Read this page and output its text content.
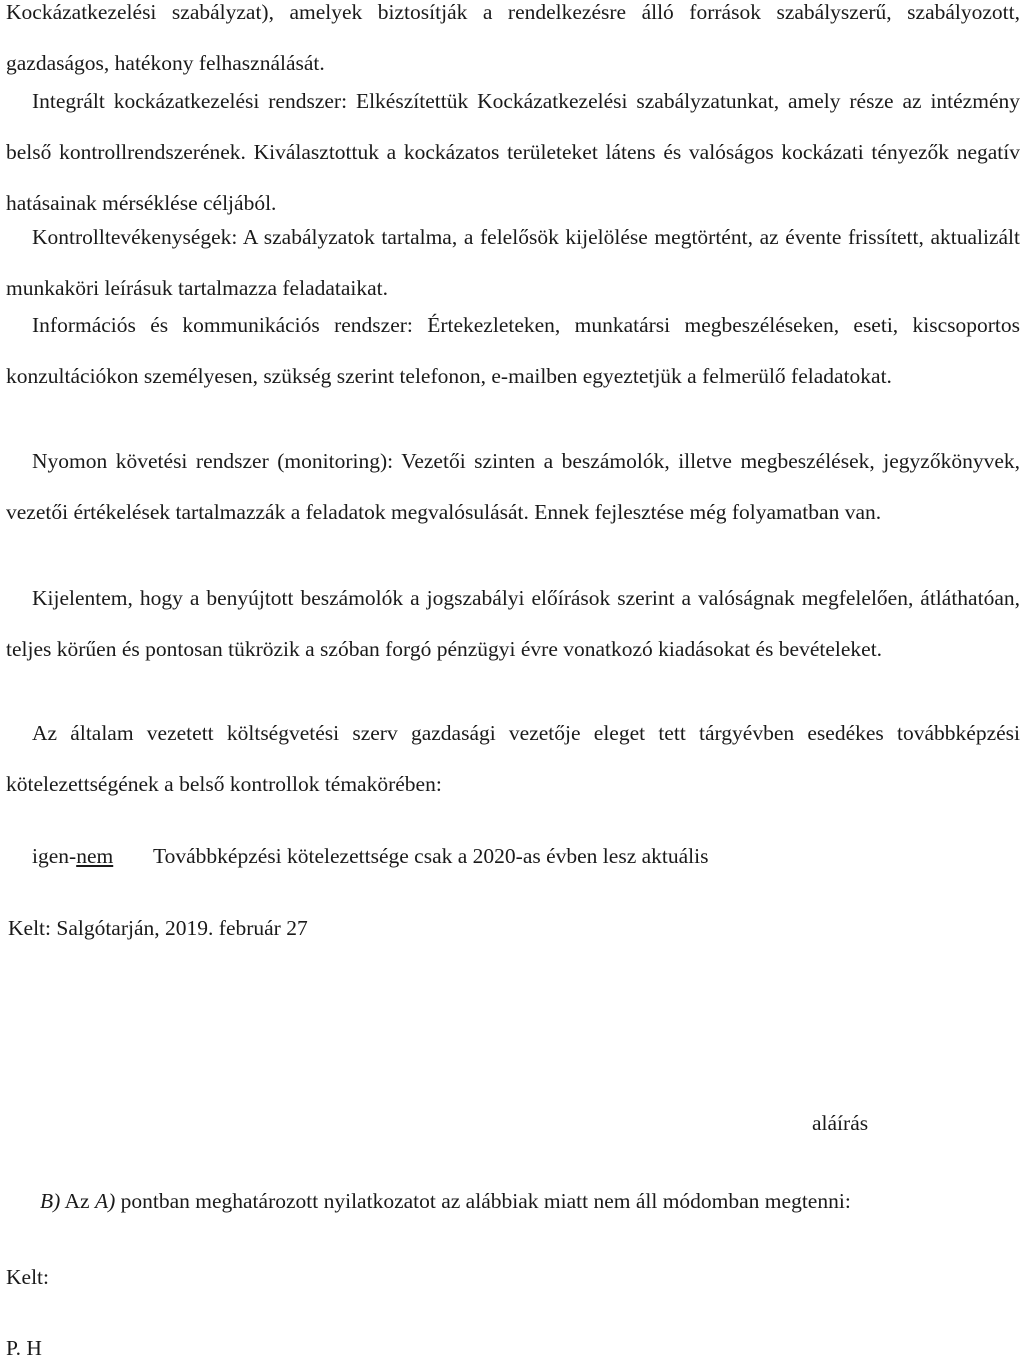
Kockázatkezelési szabályzat), amelyek biztosítják a rendelkezésre álló források szabályszerű, szabályozott, gazdaságos, hatékony felhasználását.

Integrált kockázatkezelési rendszer: Elkészítettük Kockázatkezelési szabályzatunkat, amely része az intézmény belső kontrollrendszerének. Kiválasztottuk a kockázatos területeket látens és valóságos kockázati tényezők negatív hatásainak mérséklése céljából.

Kontrolltevékenységek: A szabályzatok tartalma, a felelősök kijelölése megtörtént, az évente frissített, aktualizált munkaköri leírásuk tartalmazza feladataikat.

Információs és kommunikációs rendszer: Értekezleteken, munkatársi megbeszéléseken, eseti, kiscsoportos konzultációkon személyesen, szükség szerint telefonon, e-mailben egyeztetjük a felmerülő feladatokat.

Nyomon követési rendszer (monitoring): Vezetői szinten a beszámolók, illetve megbeszélések, jegyzőkönyvek, vezetői értékelések tartalmazzák a feladatok megvalósulását. Ennek fejlesztése még folyamatban van.

Kijelentem, hogy a benyújtott beszámolók a jogszabályi előírások szerint a valóságnak megfelelően, átláthatóan, teljes körűen és pontosan tükrözik a szóban forgó pénzügyi évre vonatkozó kiadásokat és bevételeket.

Az általam vezetett költségvetési szerv gazdasági vezetője eleget tett tárgyévben esedékes továbbképzési kötelezettségének a belső kontrollok témakörében:

igen-nem Továbbképzési kötelezettsége csak a 2020-as évben lesz aktuális
Kelt: Salgótarján, 2019. február 27
aláírás
B) Az A) pontban meghatározott nyilatkozatot az alábbiak miatt nem áll módomban megtenni:
Kelt:
P. H
